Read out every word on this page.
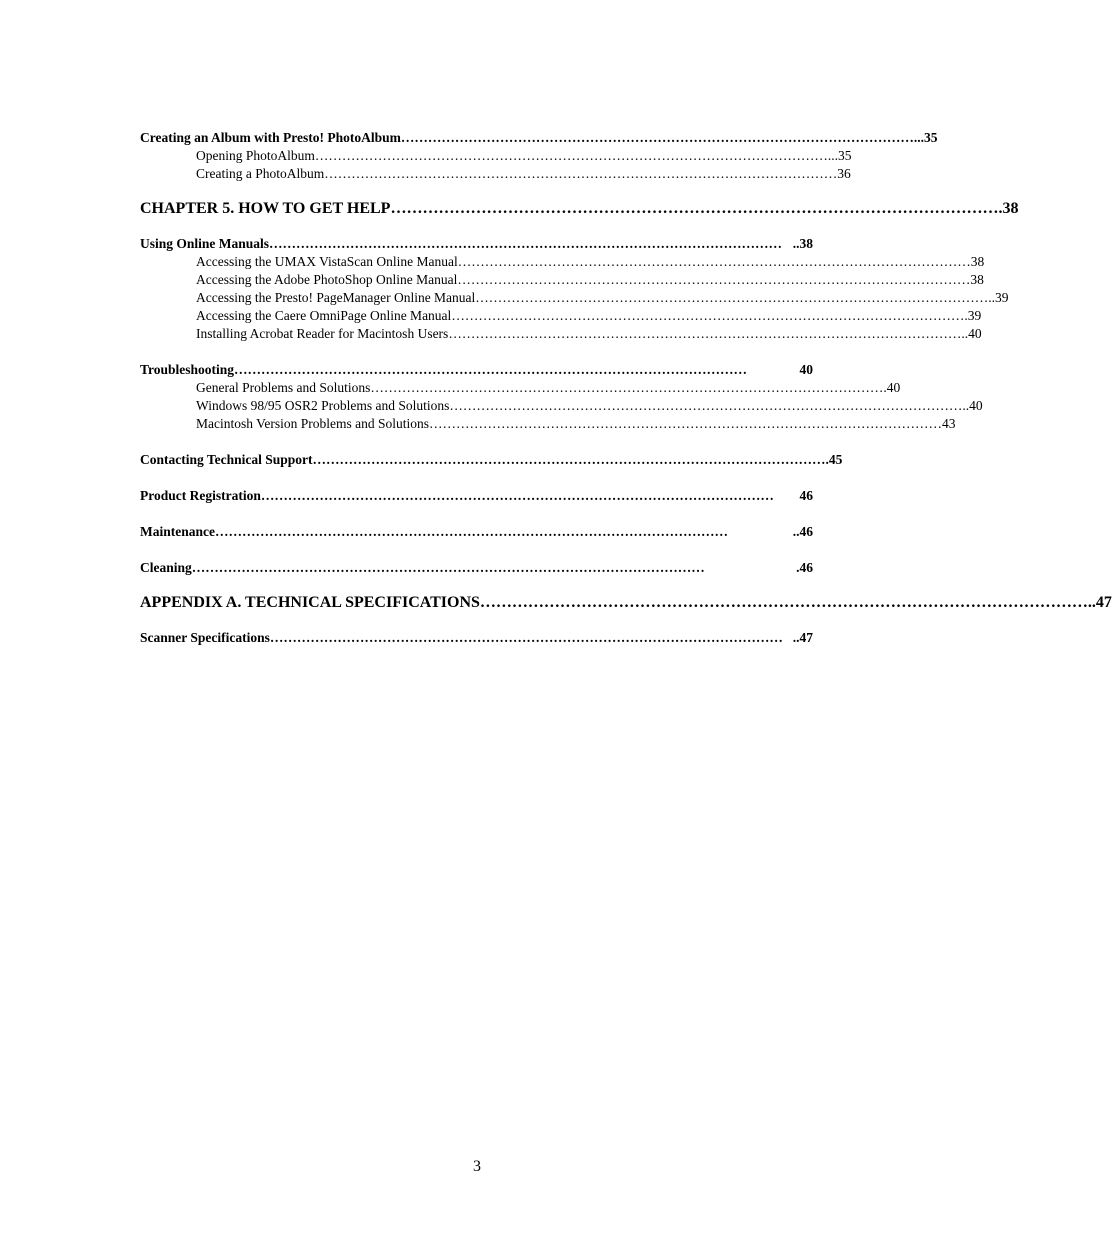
Creating an Album with Presto! PhotoAlbum …………………………………………………………………………………………………… ...35
Opening PhotoAlbum …………………………………………………………………………………………………… ...35
Creating a PhotoAlbum …………………………………………………………………………………………………… 36
CHAPTER 5. HOW TO GET HELP …………………………………………………………………………………………………… .38
Using Online Manuals …………………………………………………………………………………………………… ..38
Accessing the UMAX VistaScan Online Manual …………………………………………………………………………………………………… 38
Accessing the Adobe PhotoShop Online Manual …………………………………………………………………………………………………… 38
Accessing the Presto! PageManager Online Manual …………………………………………………………………………………………………… ..39
Accessing the Caere OmniPage Online Manual …………………………………………………………………………………………………… .39
Installing Acrobat Reader for Macintosh Users …………………………………………………………………………………………………… ..40
Troubleshooting ……………………………………………………………………………………………………	40
General Problems and Solutions …………………………………………………………………………………………………… .40
Windows 98/95 OSR2 Problems and Solutions …………………………………………………………………………………………………… ..40
Macintosh Version Problems and Solutions …………………………………………………………………………………………………… 43
Contacting Technical Support …………………………………………………………………………………………………… .45
Product Registration ……………………………………………………………………………………………………	46
Maintenance ……………………………………………………………………………………………………	..46
Cleaning ……………………………………………………………………………………………………	.46
APPENDIX A. TECHNICAL SPECIFICATIONS …………………………………………………………………………………………………… ..47
Scanner Specifications …………………………………………………………………………………………………… ..47
3
